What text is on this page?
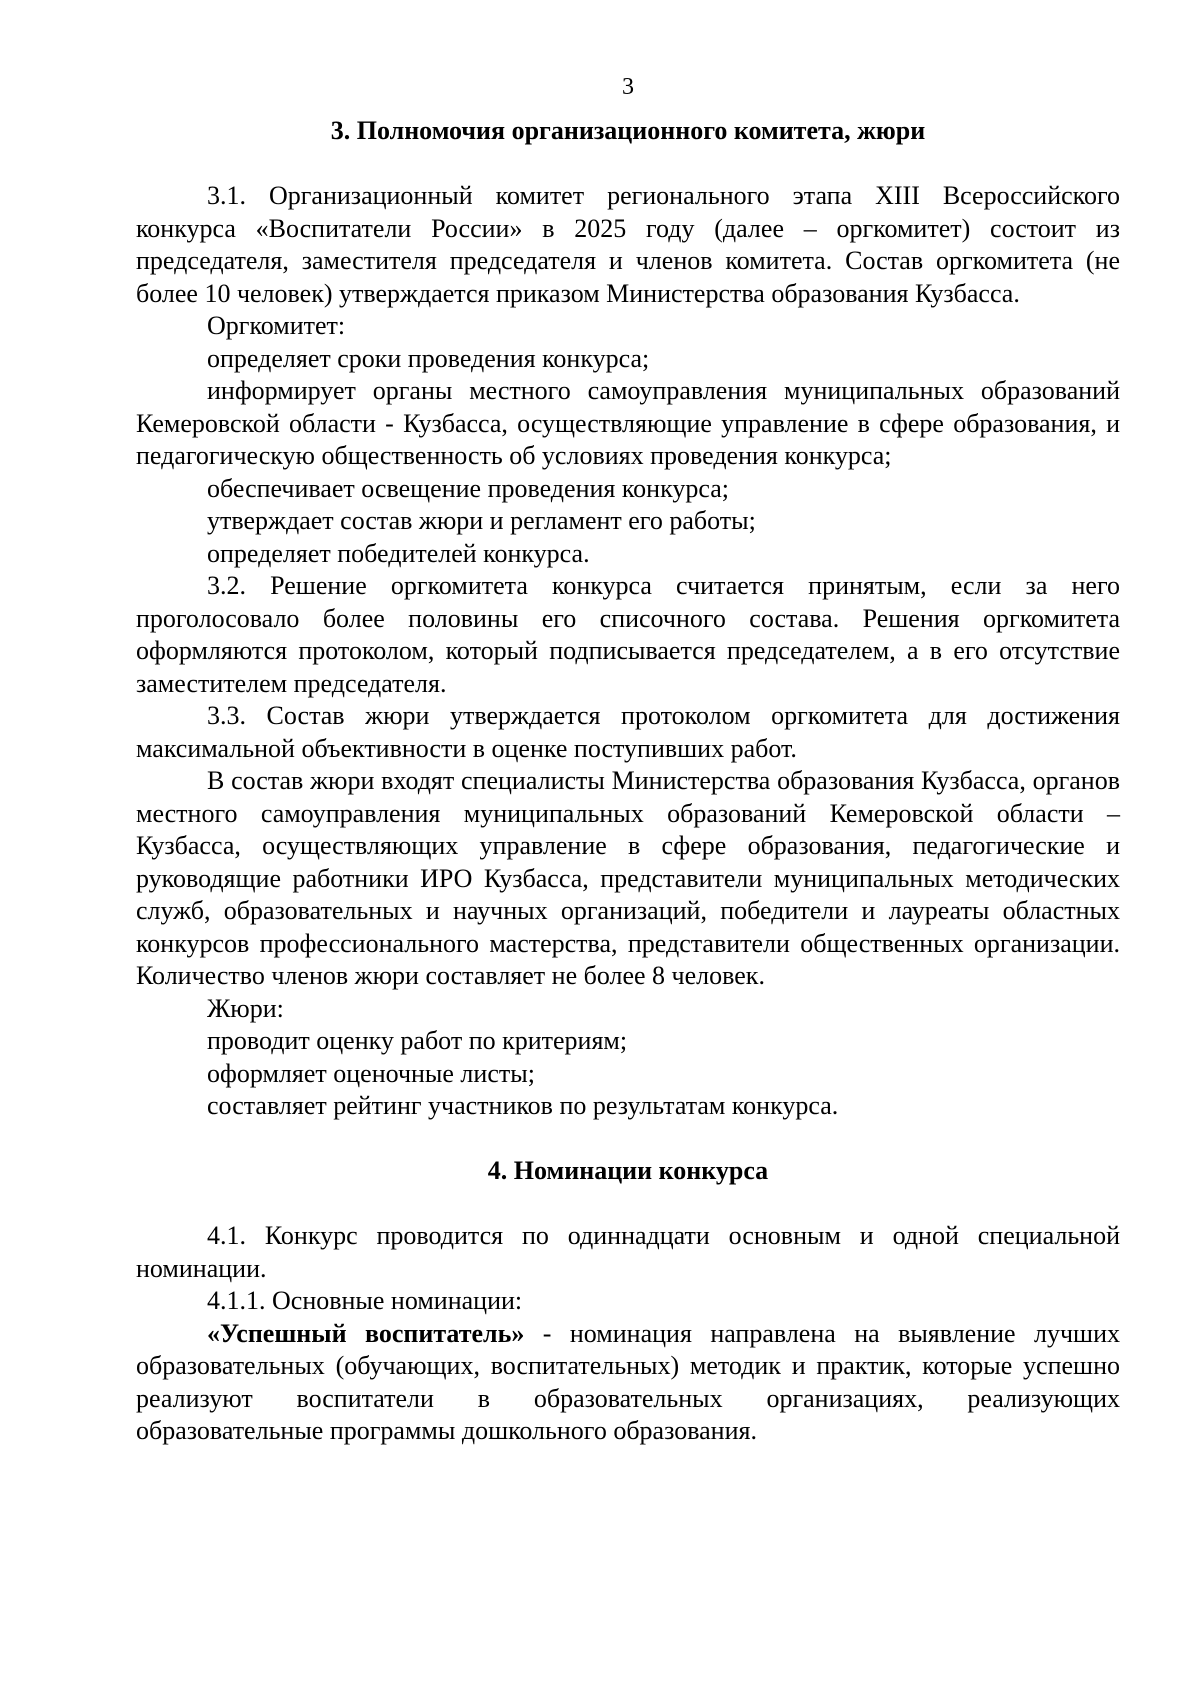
3
3. Полномочия организационного комитета, жюри

3.1. Организационный комитет регионального этапа XIII Всероссийского конкурса «Воспитатели России» в 2025 году (далее – оргкомитет) состоит из председателя, заместителя председателя и членов комитета. Состав оргкомитета (не более 10 человек) утверждается приказом Министерства образования Кузбасса.

Оргкомитет:

определяет сроки проведения конкурса;

информирует органы местного самоуправления муниципальных образований Кемеровской области - Кузбасса, осуществляющие управление в сфере образования, и педагогическую общественность об условиях проведения конкурса;

обеспечивает освещение проведения конкурса;

утверждает состав жюри и регламент его работы;

определяет победителей конкурса.

3.2. Решение оргкомитета конкурса считается принятым, если за него проголосовало более половины его списочного состава. Решения оргкомитета оформляются протоколом, который подписывается председателем, а в его отсутствие заместителем председателя.

3.3. Состав жюри утверждается протоколом оргкомитета для достижения максимальной объективности в оценке поступивших работ.

В состав жюри входят специалисты Министерства образования Кузбасса, органов местного самоуправления муниципальных образований Кемеровской области – Кузбасса, осуществляющих управление в сфере образования, педагогические и руководящие работники ИРО Кузбасса, представители муниципальных методических служб, образовательных и научных организаций, победители и лауреаты областных конкурсов профессионального мастерства, представители общественных организации. Количество членов жюри составляет не более 8 человек.

Жюри:

проводит оценку работ по критериям;

оформляет оценочные листы;

составляет рейтинг участников по результатам конкурса.

4. Номинации конкурса

4.1. Конкурс проводится по одиннадцати основным и одной специальной номинации.

4.1.1. Основные номинации:

«Успешный воспитатель» - номинация направлена на выявление лучших образовательных (обучающих, воспитательных) методик и практик, которые успешно реализуют воспитатели в образовательных организациях, реализующих образовательные программы дошкольного образования.
